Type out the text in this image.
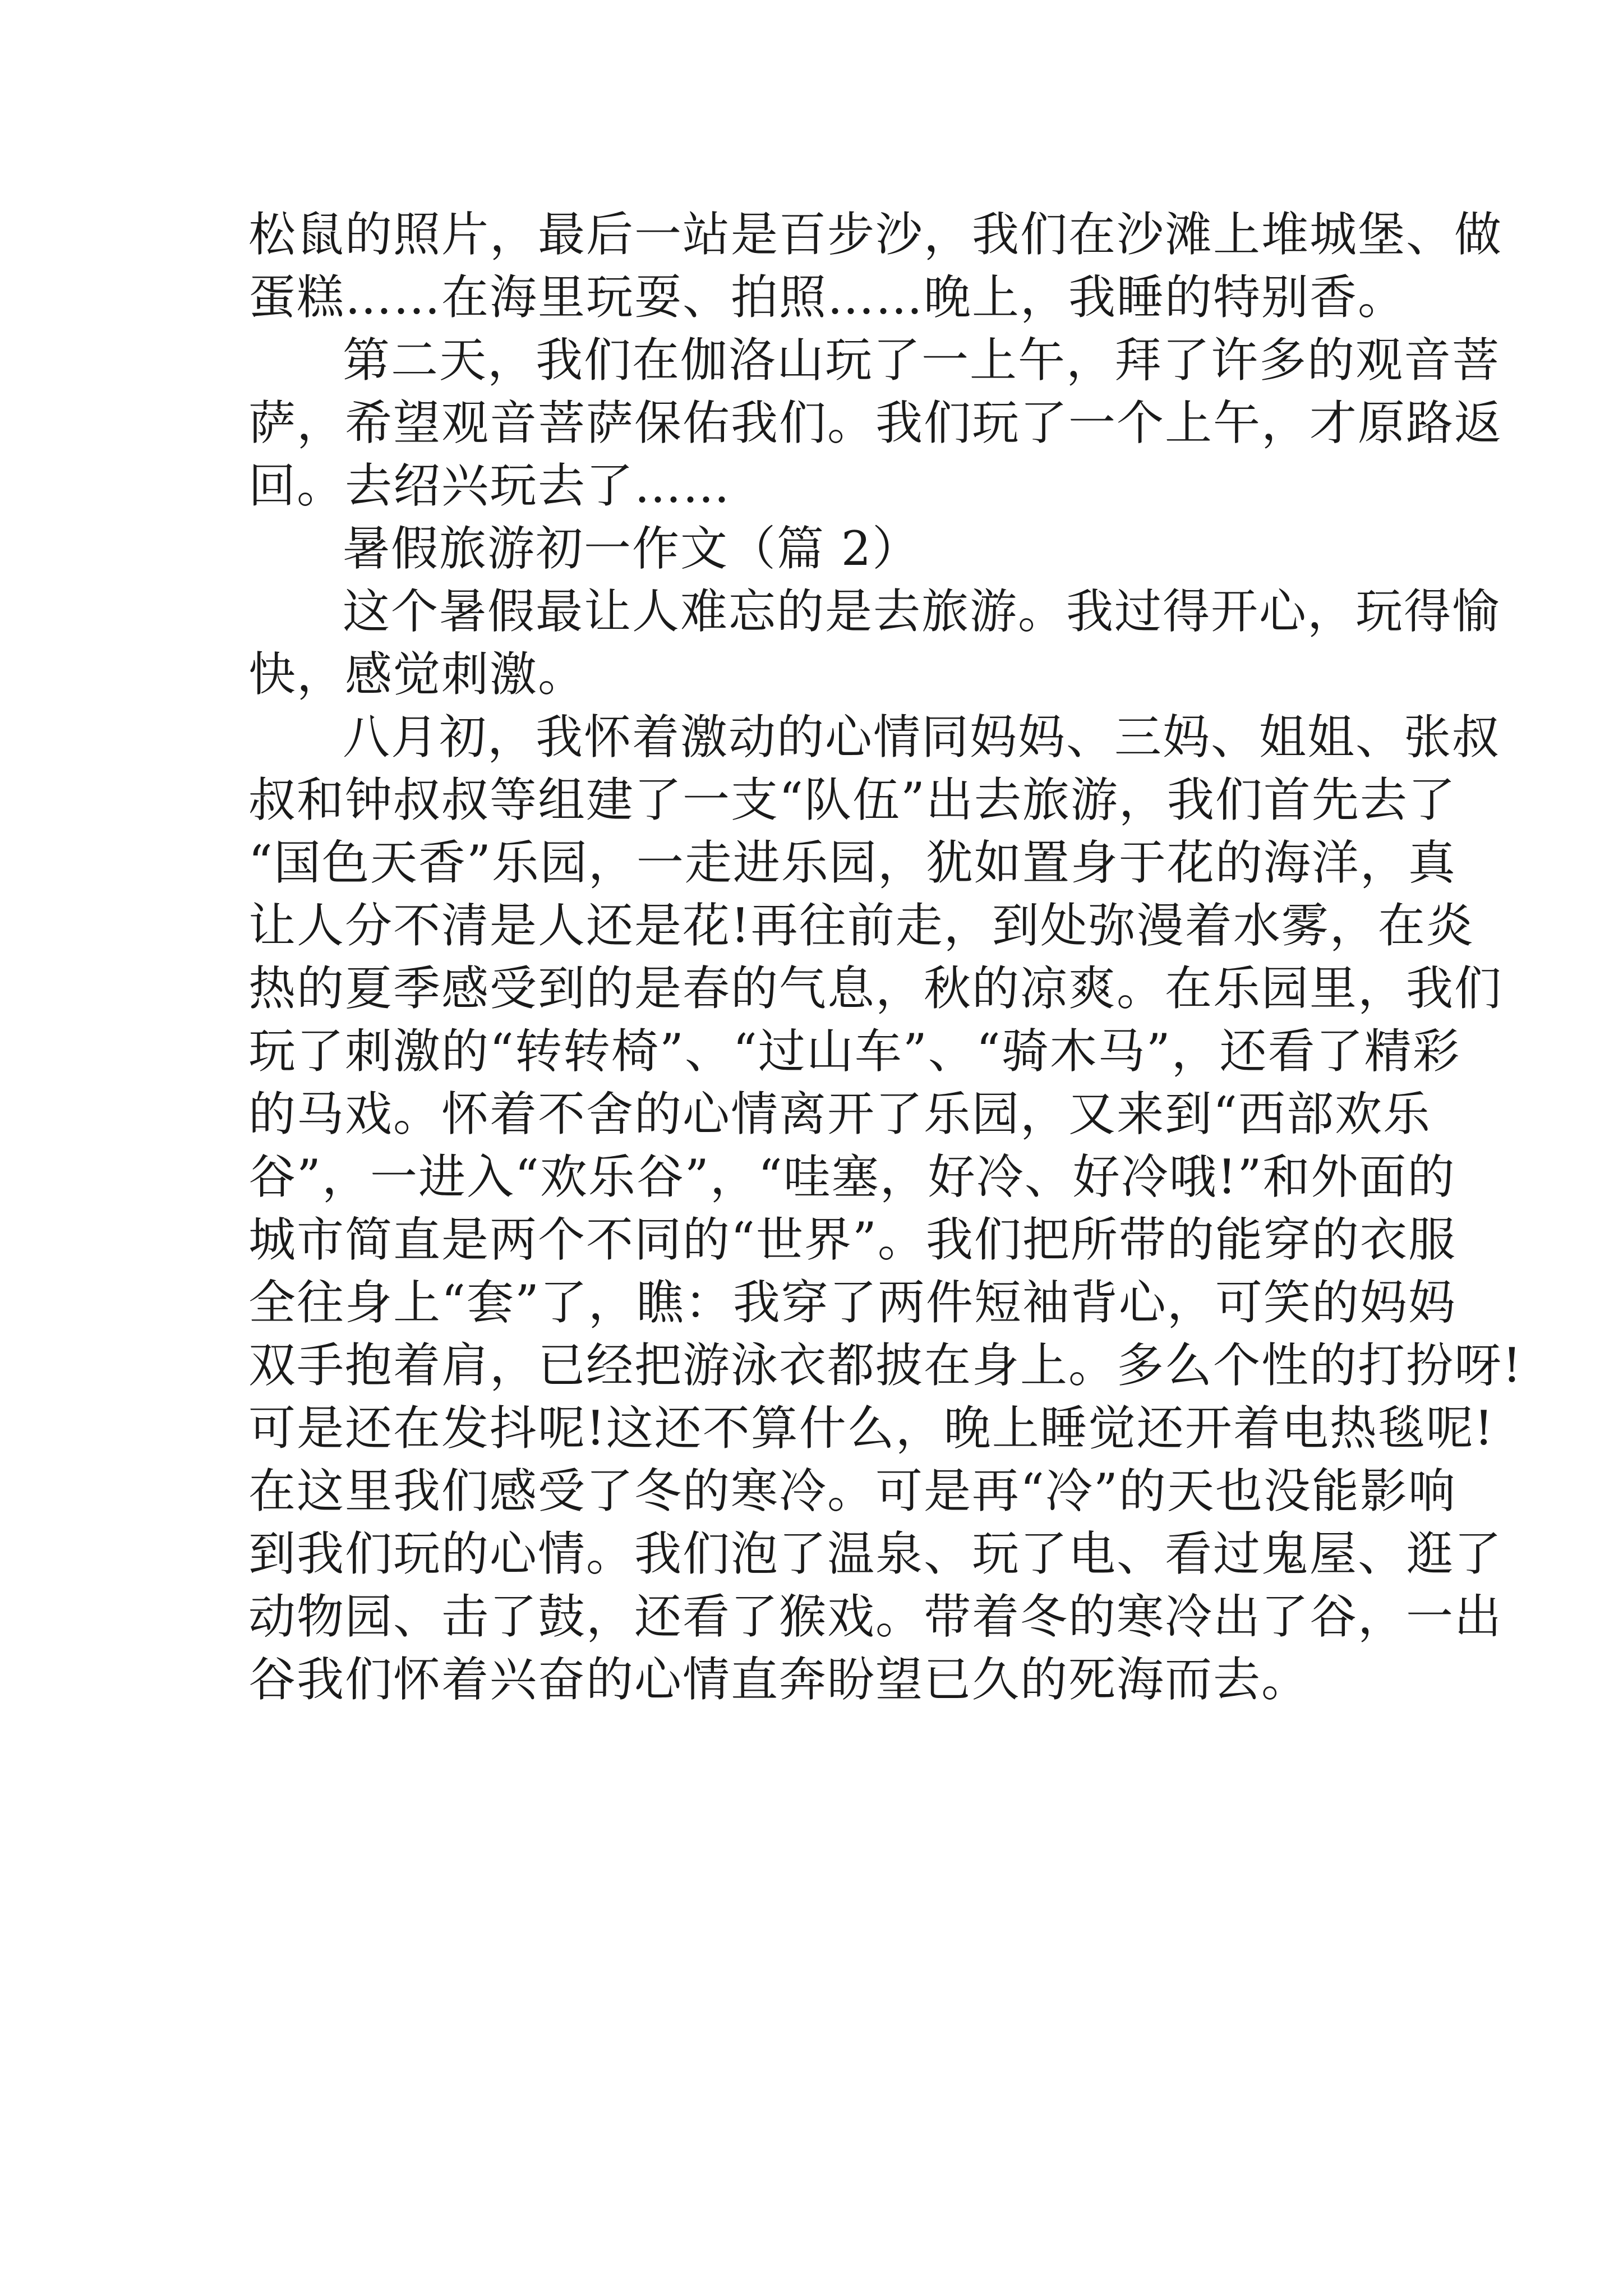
松鼠的照片，最后一站是百步沙，我们在沙滩上堆城堡、做

蛋糕……在海里玩耍、拍照……晚上，我睡的特别香。

第二天，我们在伽洛山玩了一上午，拜了许多的观音菩

萨，希望观音菩萨保佑我们。我们玩了一个上午，才原路返

回。去绍兴玩去了……

暑假旅游初一作文（篇 2）

这个暑假最让人难忘的是去旅游。我过得开心，玩得愉

快，感觉刺激。

八月初，我怀着激动的心情同妈妈、三妈、姐姐、张叔

叔和钟叔叔等组建了一支“队伍”出去旅游，我们首先去了

“国色天香”乐园，一走进乐园，犹如置身于花的海洋，真

让人分不清是人还是花!再往前走，到处弥漫着水雾，在炎

热的夏季感受到的是春的气息，秋的凉爽。在乐园里，我们

玩了刺激的“转转椅”、“过山车”、“骑木马”，还看了精彩

的马戏。怀着不舍的心情离开了乐园，又来到“西部欢乐

谷”，一进入“欢乐谷”，“哇塞，好冷、好冷哦!”和外面的

城市简直是两个不同的“世界”。我们把所带的能穿的衣服

全往身上“套”了，瞧：我穿了两件短袖背心，可笑的妈妈

双手抱着肩，已经把游泳衣都披在身上。多么个性的打扮呀!

可是还在发抖呢!这还不算什么，晚上睡觉还开着电热毯呢!

在这里我们感受了冬的寒冷。可是再“冷”的天也没能影响

到我们玩的心情。我们泡了温泉、玩了电、看过鬼屋、逛了

动物园、击了鼓，还看了猴戏。带着冬的寒冷出了谷，一出

谷我们怀着兴奋的心情直奔盼望已久的死海而去。
